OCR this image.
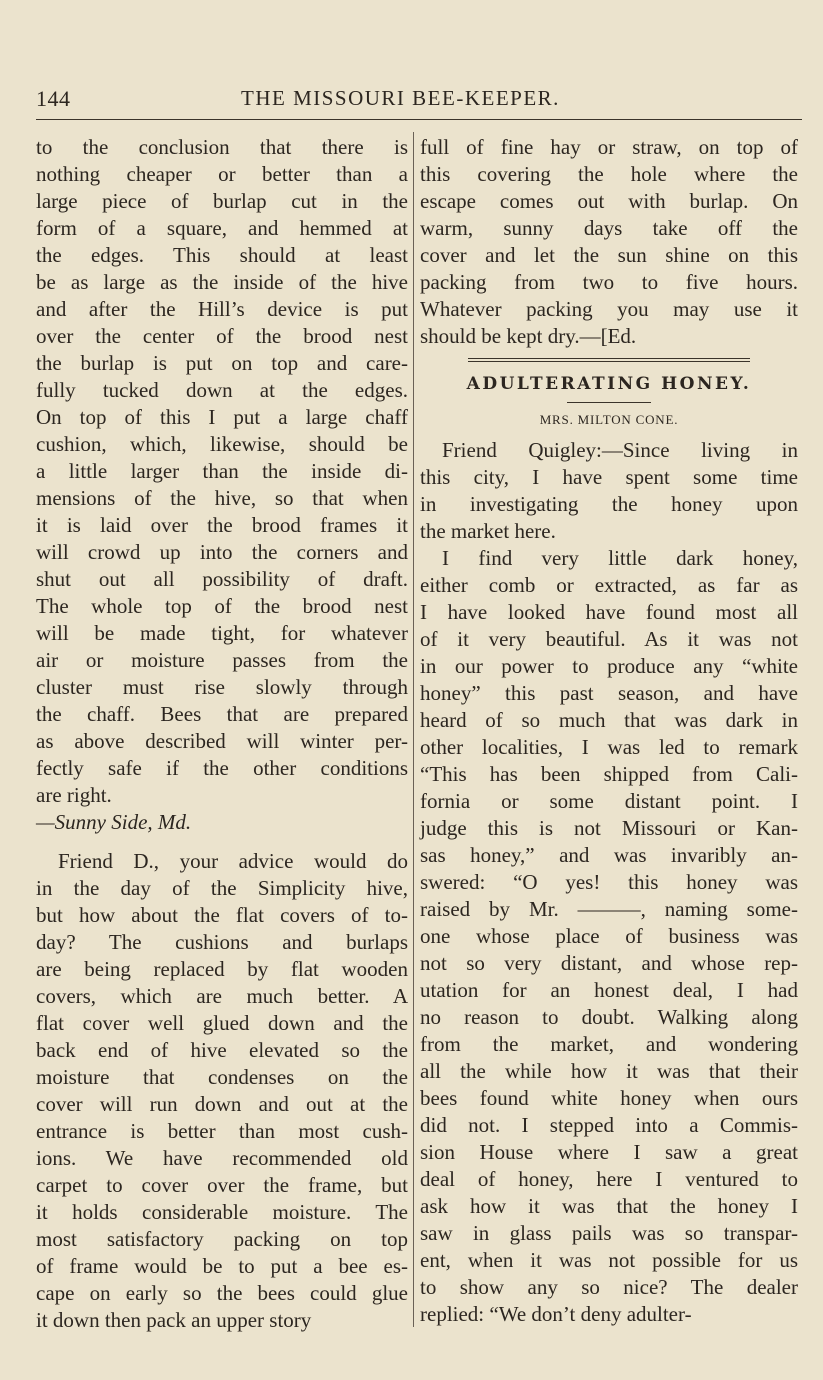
144	THE MISSOURI BEE-KEEPER.
to the conclusion that there is
nothing cheaper or better than a
large piece of burlap cut in the
form of a square, and hemmed at
the edges. This should at least
be as large as the inside of the hive
and after the Hill’s device is put
over the center of the brood nest
the burlap is put on top and care-
fully tucked down at the edges.
On top of this I put a large chaff
cushion, which, likewise, should be
a little larger than the inside di-
mensions of the hive, so that when
it is laid over the brood frames it
will crowd up into the corners and
shut out all possibility of draft.
The whole top of the brood nest
will be made tight, for whatever
air or moisture passes from the
cluster must rise slowly through
the chaff. Bees that are prepared
as above described will winter per-
fectly safe if the other conditions
are right.
—Sunny Side, Md.
Friend D., your advice would do
in the day of the Simplicity hive,
but how about the flat covers of to-
day? The cushions and burlaps
are being replaced by flat wooden
covers, which are much better. A
flat cover well glued down and the
back end of hive elevated so the
moisture that condenses on the
cover will run down and out at the
entrance is better than most cush-
ions. We have recommended old
carpet to cover over the frame, but
it holds considerable moisture. The
most satisfactory packing on top
of frame would be to put a bee es-
cape on early so the bees could glue
it down then pack an upper story
full of fine hay or straw, on top of
this covering the hole where the
escape comes out with burlap. On
warm, sunny days take off the
cover and let the sun shine on this
packing from two to five hours.
Whatever packing you may use it
should be kept dry.—[Ed.
ADULTERATING HONEY.
MRS. MILTON CONE.
Friend Quigley:—Since living in
this city, I have spent some time
in investigating the honey upon
the market here.
I find very little dark honey,
either comb or extracted, as far as
I have looked have found most all
of it very beautiful. As it was not
in our power to produce any “white
honey” this past season, and have
heard of so much that was dark in
other localities, I was led to remark
“This has been shipped from Cali-
fornia or some distant point. I
judge this is not Missouri or Kan-
sas honey,” and was invaribly an-
swered: “O yes! this honey was
raised by Mr. ———, naming some-
one whose place of business was
not so very distant, and whose rep-
utation for an honest deal, I had
no reason to doubt. Walking along
from the market, and wondering
all the while how it was that their
bees found white honey when ours
did not. I stepped into a Commis-
sion House where I saw a great
deal of honey, here I ventured to
ask how it was that the honey I
saw in glass pails was so transpar-
ent, when it was not possible for us
to show any so nice? The dealer
replied: “We don’t deny adulter-
